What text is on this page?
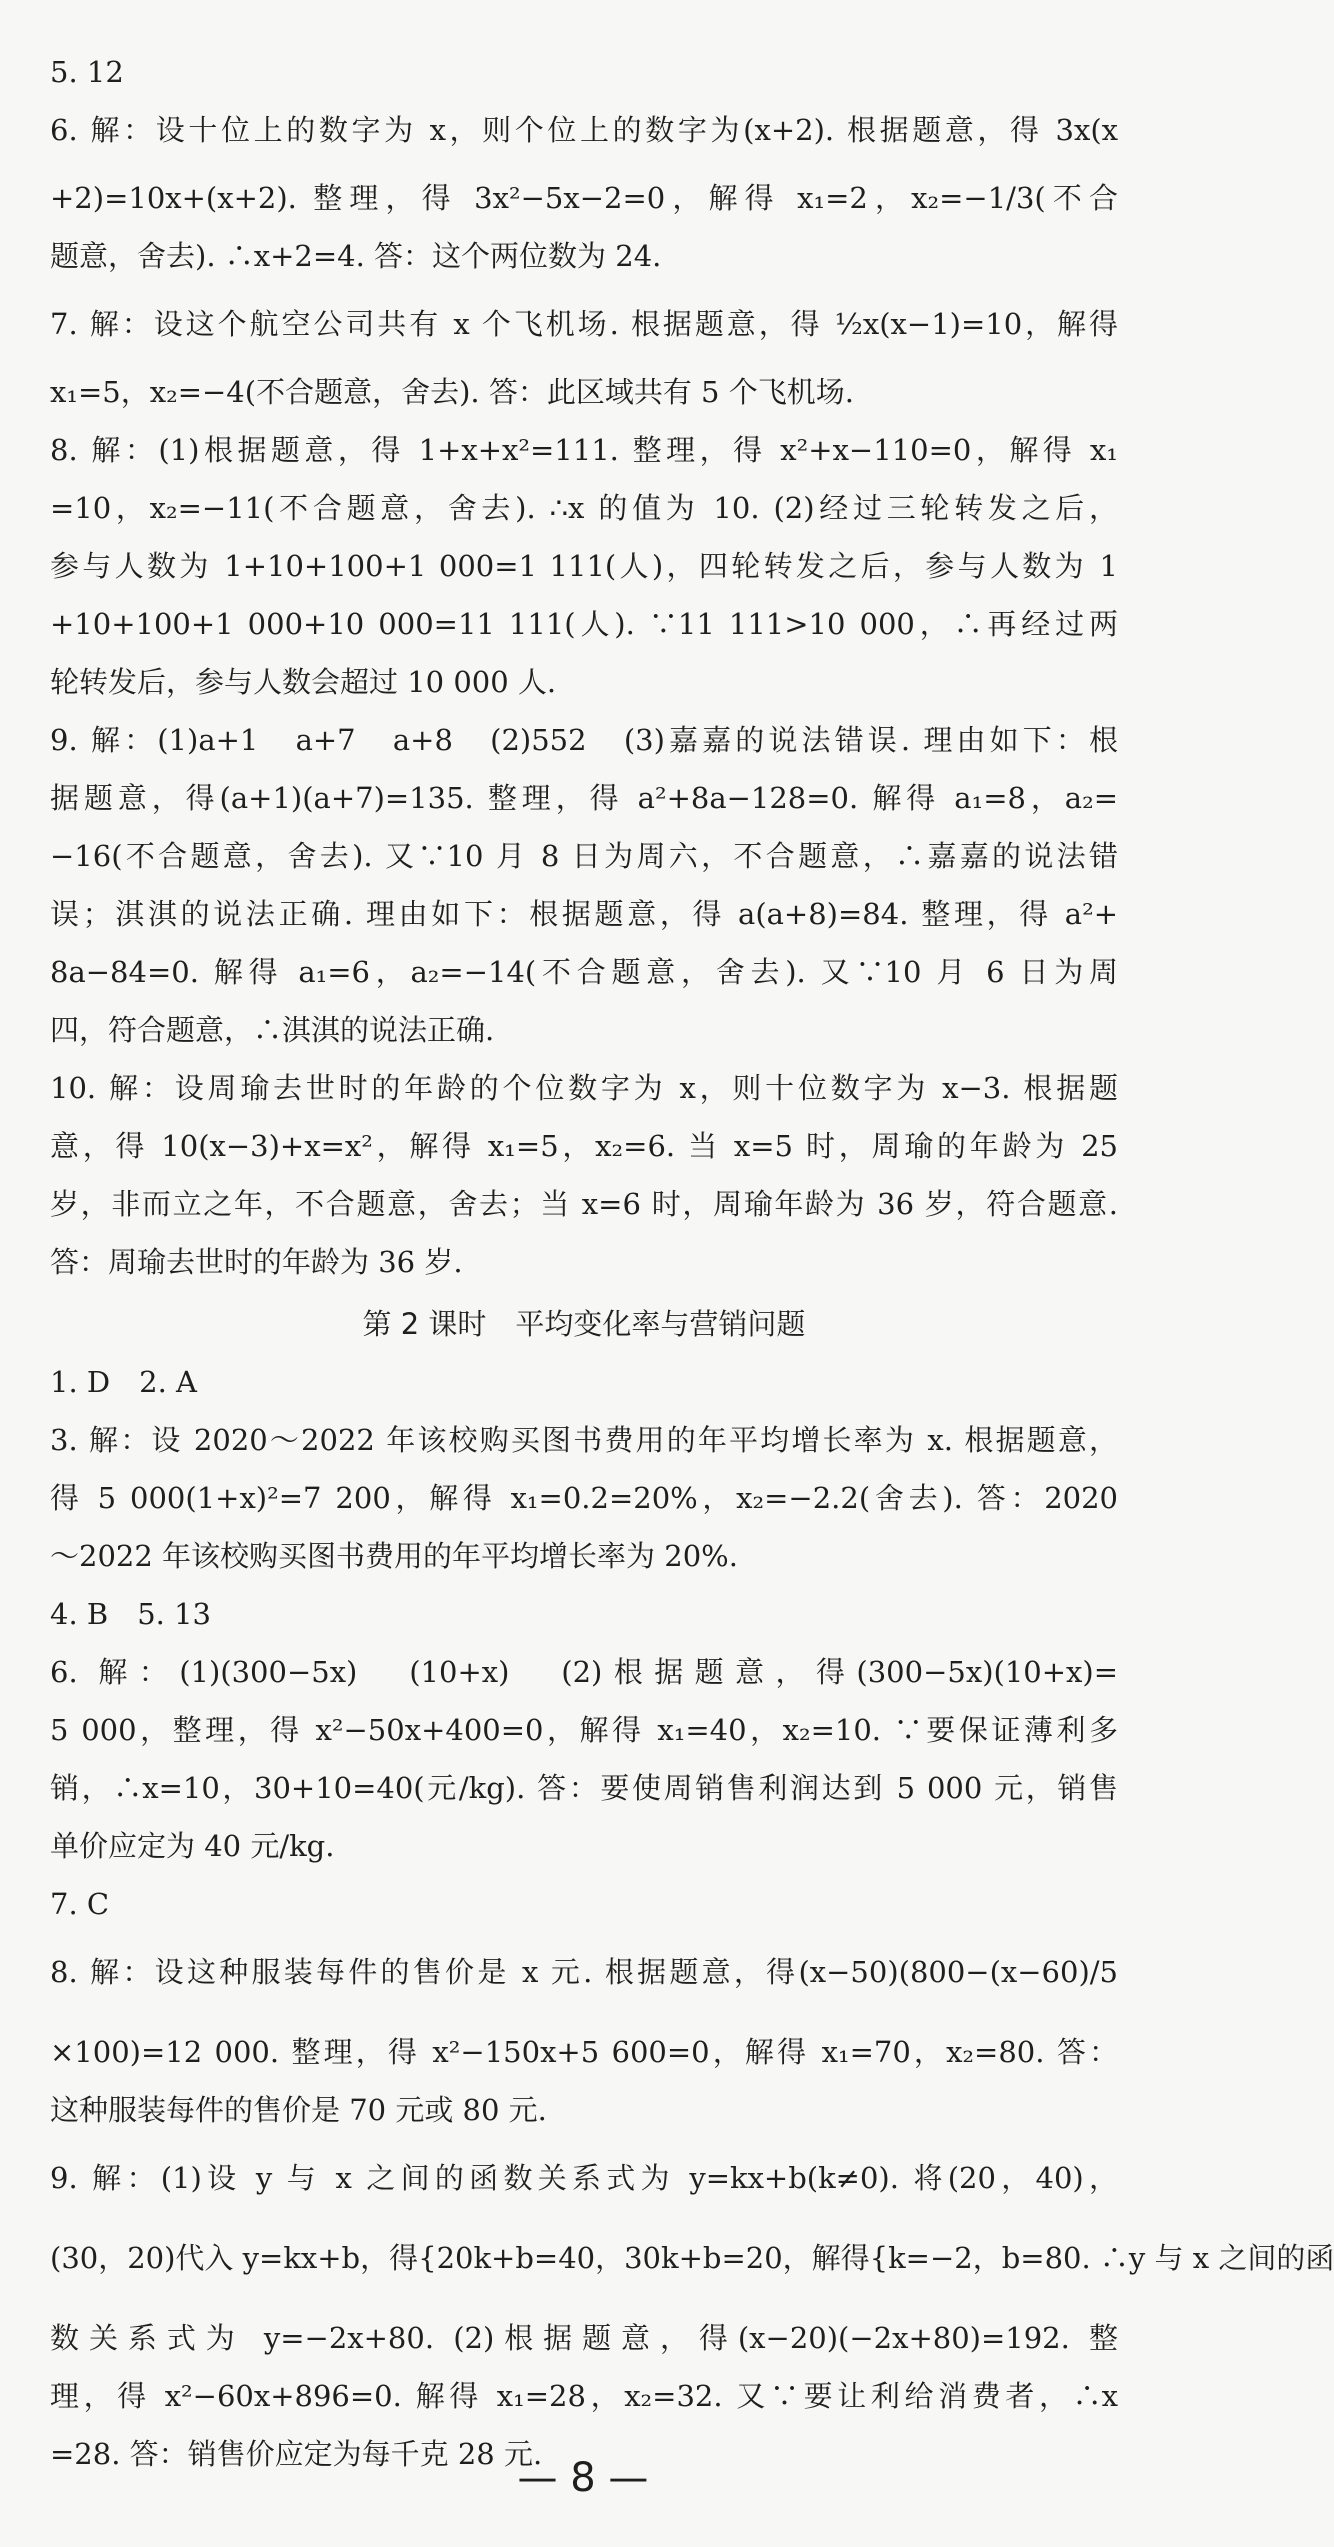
5. 12
6. 解：设十位上的数字为 x，则个位上的数字为(x+2). 根据题意，得 3x(x
+2)=10x+(x+2). 整理，得 3x²−5x−2=0，解得 x₁=2，x₂=−1/3(不合
题意，舍去). ∴x+2=4. 答：这个两位数为 24.
7. 解：设这个航空公司共有 x 个飞机场. 根据题意，得 ½x(x−1)=10，解得
x₁=5，x₂=−4(不合题意，舍去). 答：此区域共有 5 个飞机场.
8. 解：(1)根据题意，得 1+x+x²=111. 整理，得 x²+x−110=0，解得 x₁
=10，x₂=−11(不合题意，舍去). ∴x 的值为 10. (2)经过三轮转发之后，
参与人数为 1+10+100+1 000=1 111(人)，四轮转发之后，参与人数为 1
+10+100+1 000+10 000=11 111(人). ∵11 111>10 000，∴再经过两
轮转发后，参与人数会超过 10 000 人.
9. 解：(1)a+1　a+7　a+8　(2)552　(3)嘉嘉的说法错误. 理由如下：根
据题意，得(a+1)(a+7)=135. 整理，得 a²+8a−128=0. 解得 a₁=8，a₂=
−16(不合题意，舍去). 又∵10 月 8 日为周六，不合题意，∴嘉嘉的说法错
误；淇淇的说法正确. 理由如下：根据题意，得 a(a+8)=84. 整理，得 a²+
8a−84=0. 解得 a₁=6，a₂=−14(不合题意，舍去). 又∵10 月 6 日为周
四，符合题意，∴淇淇的说法正确.
10. 解：设周瑜去世时的年龄的个位数字为 x，则十位数字为 x−3. 根据题
意，得 10(x−3)+x=x²，解得 x₁=5，x₂=6. 当 x=5 时，周瑜的年龄为 25
岁，非而立之年，不合题意，舍去；当 x=6 时，周瑜年龄为 36 岁，符合题意.
答：周瑜去世时的年龄为 36 岁.
第 2 课时　平均变化率与营销问题
1. D　2. A
3. 解：设 2020～2022 年该校购买图书费用的年平均增长率为 x. 根据题意，
得 5 000(1+x)²=7 200，解得 x₁=0.2=20%，x₂=−2.2(舍去). 答：2020
～2022 年该校购买图书费用的年平均增长率为 20%.
4. B　5. 13
6. 解：(1)(300−5x)　(10+x)　(2)根据题意，得(300−5x)(10+x)=
5 000，整理，得 x²−50x+400=0，解得 x₁=40，x₂=10. ∵要保证薄利多
销，∴x=10，30+10=40(元/kg). 答：要使周销售利润达到 5 000 元，销售
单价应定为 40 元/kg.
7. C
8. 解：设这种服装每件的售价是 x 元. 根据题意，得(x−50)(800−(x−60)/5
×100)=12 000. 整理，得 x²−150x+5 600=0，解得 x₁=70，x₂=80. 答：
这种服装每件的售价是 70 元或 80 元.
9. 解：(1)设 y 与 x 之间的函数关系式为 y=kx+b(k≠0). 将(20，40)，
(30，20)代入 y=kx+b，得{20k+b=40，30k+b=20，解得{k=−2，b=80. ∴y 与 x 之间的函
数关系式为 y=−2x+80. (2)根据题意，得(x−20)(−2x+80)=192. 整
理，得 x²−60x+896=0. 解得 x₁=28，x₂=32. 又∵要让利给消费者，∴x
=28. 答：销售价应定为每千克 28 元.
— 8 —
